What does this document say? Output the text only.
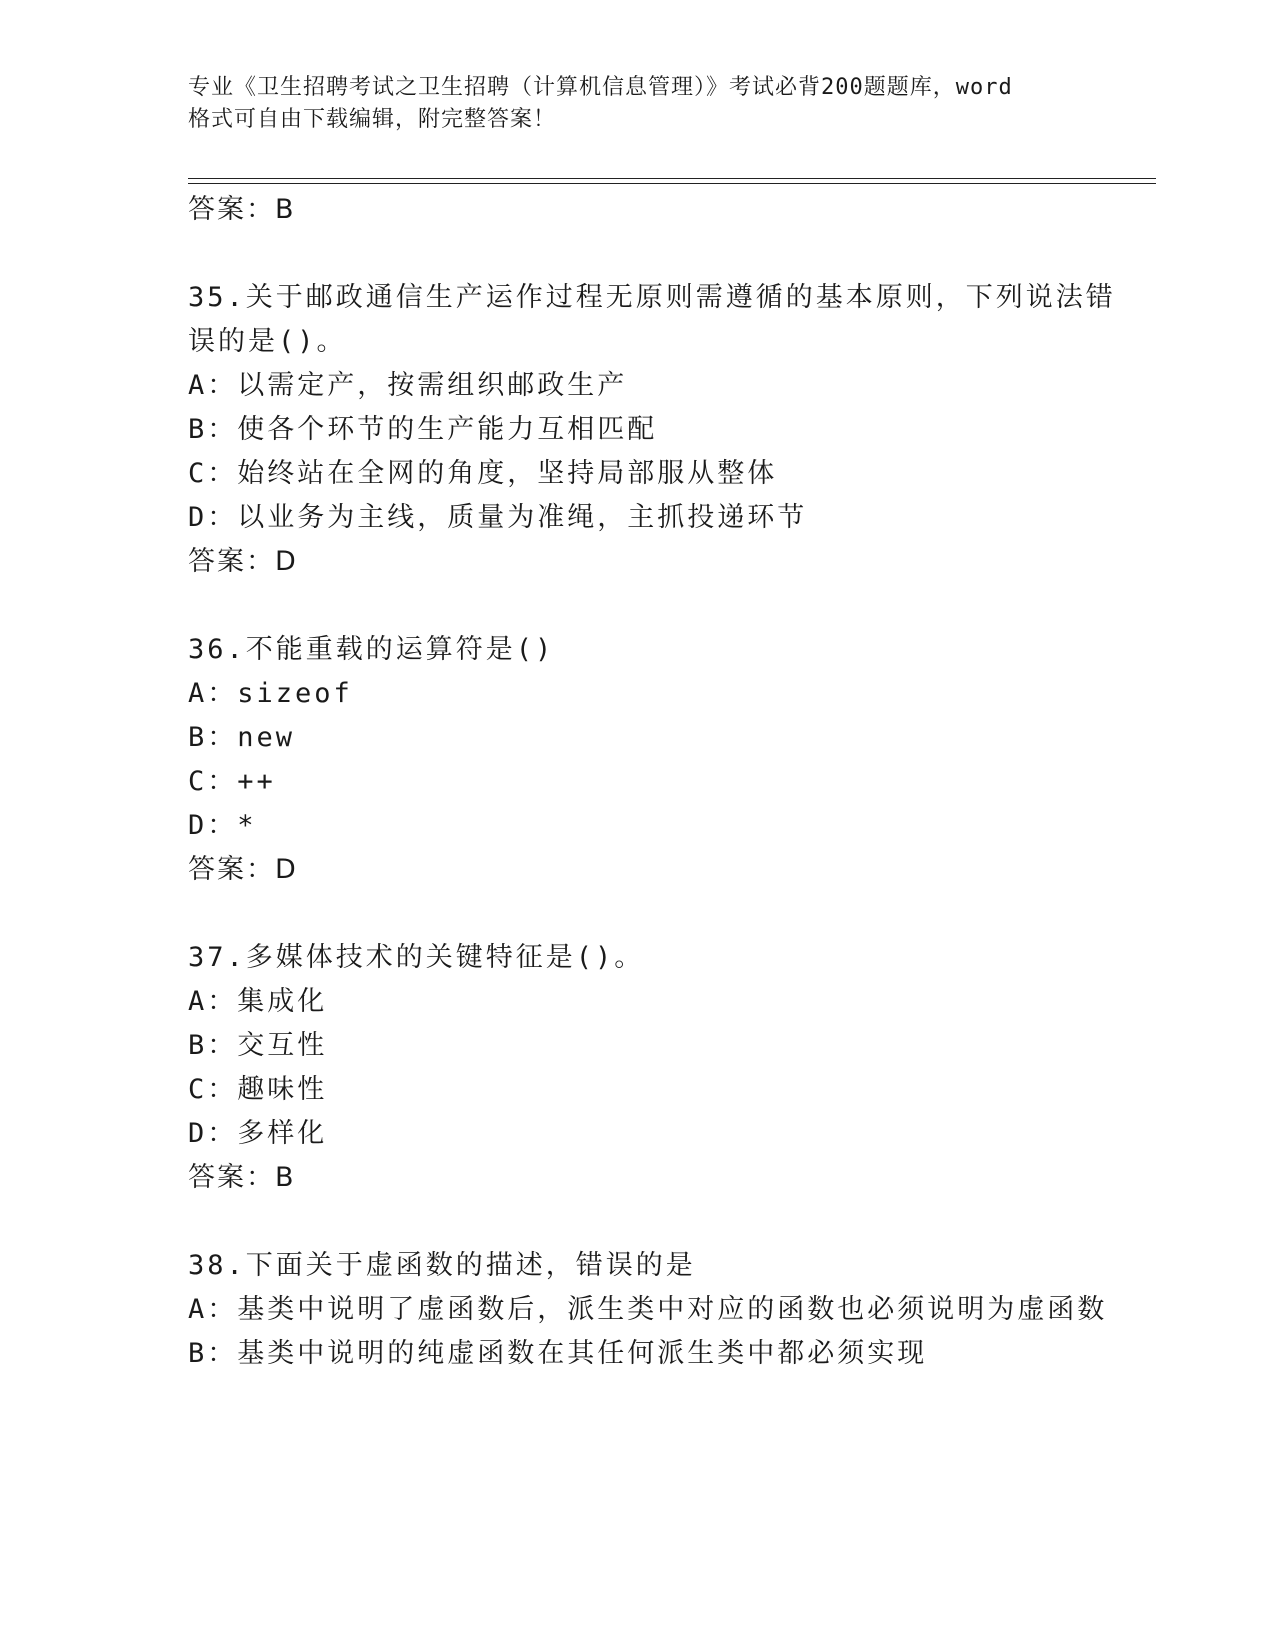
专业《卫生招聘考试之卫生招聘（计算机信息管理）》考试必背200题题库，word
格式可自由下载编辑，附完整答案！
答案：B
35.关于邮政通信生产运作过程无原则需遵循的基本原则，下列说法错
误的是()。
A：以需定产，按需组织邮政生产
B：使各个环节的生产能力互相匹配
C：始终站在全网的角度，坚持局部服从整体
D：以业务为主线，质量为准绳，主抓投递环节
答案：D
36.不能重载的运算符是()
A：sizeof
B：new
C：++
D：*
答案：D
37.多媒体技术的关键特征是()。
A：集成化
B：交互性
C：趣味性
D：多样化
答案：B
38.下面关于虚函数的描述，错误的是
A：基类中说明了虚函数后，派生类中对应的函数也必须说明为虚函数
B：基类中说明的纯虚函数在其任何派生类中都必须实现
